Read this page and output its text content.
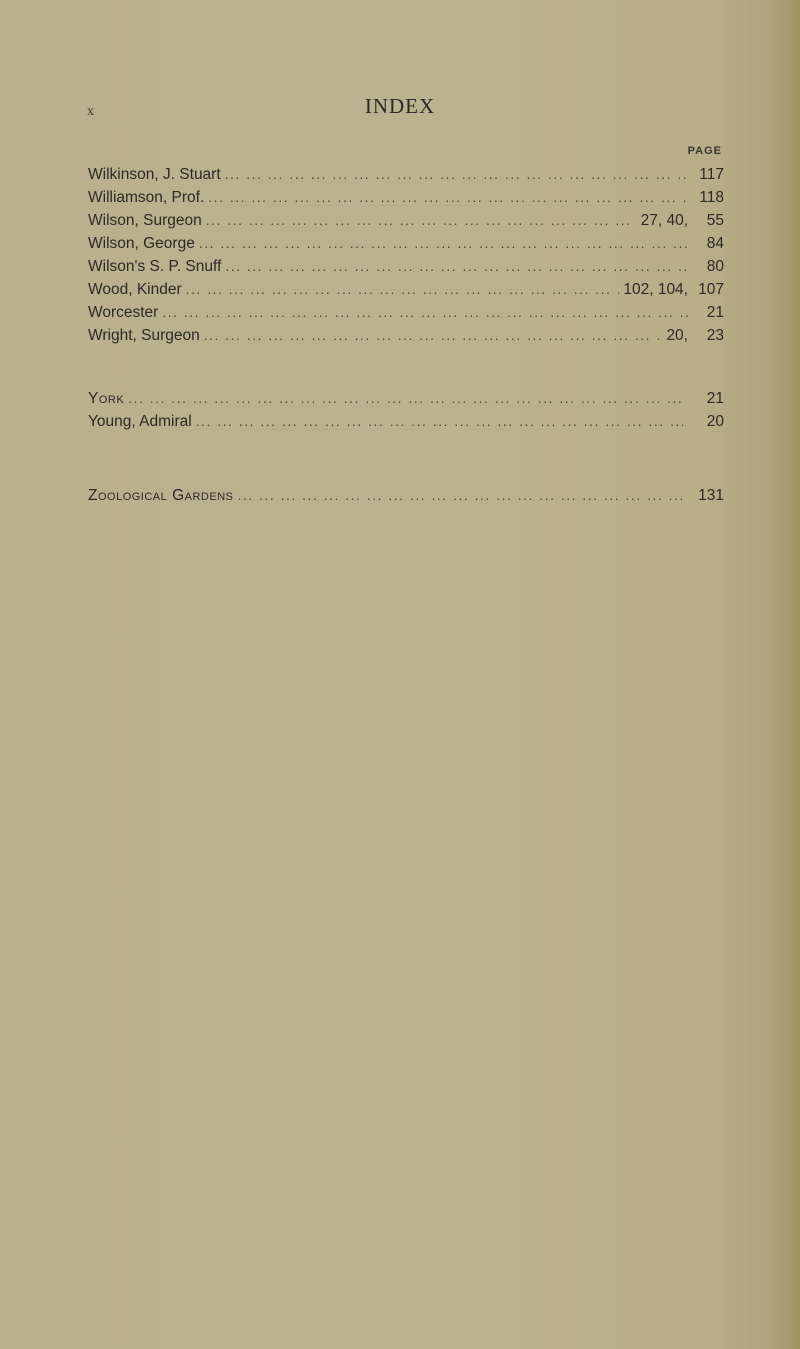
x	INDEX
PAGE
Wilkinson, J. Stuart ... .	117
Williamson, Prof. ... .	118
Wilson, Surgeon ... .	27, 40,	55
Wilson, George ... .	84
Wilson's S. P. Snuff ... .	80
Wood, Kinder ... .	102, 104, 107
Worcester ... .	21
Wright, Surgeon ... .	20,	23
York ... .	21
Young, Admiral ... .	20
Zoological Gardens ... .	131
